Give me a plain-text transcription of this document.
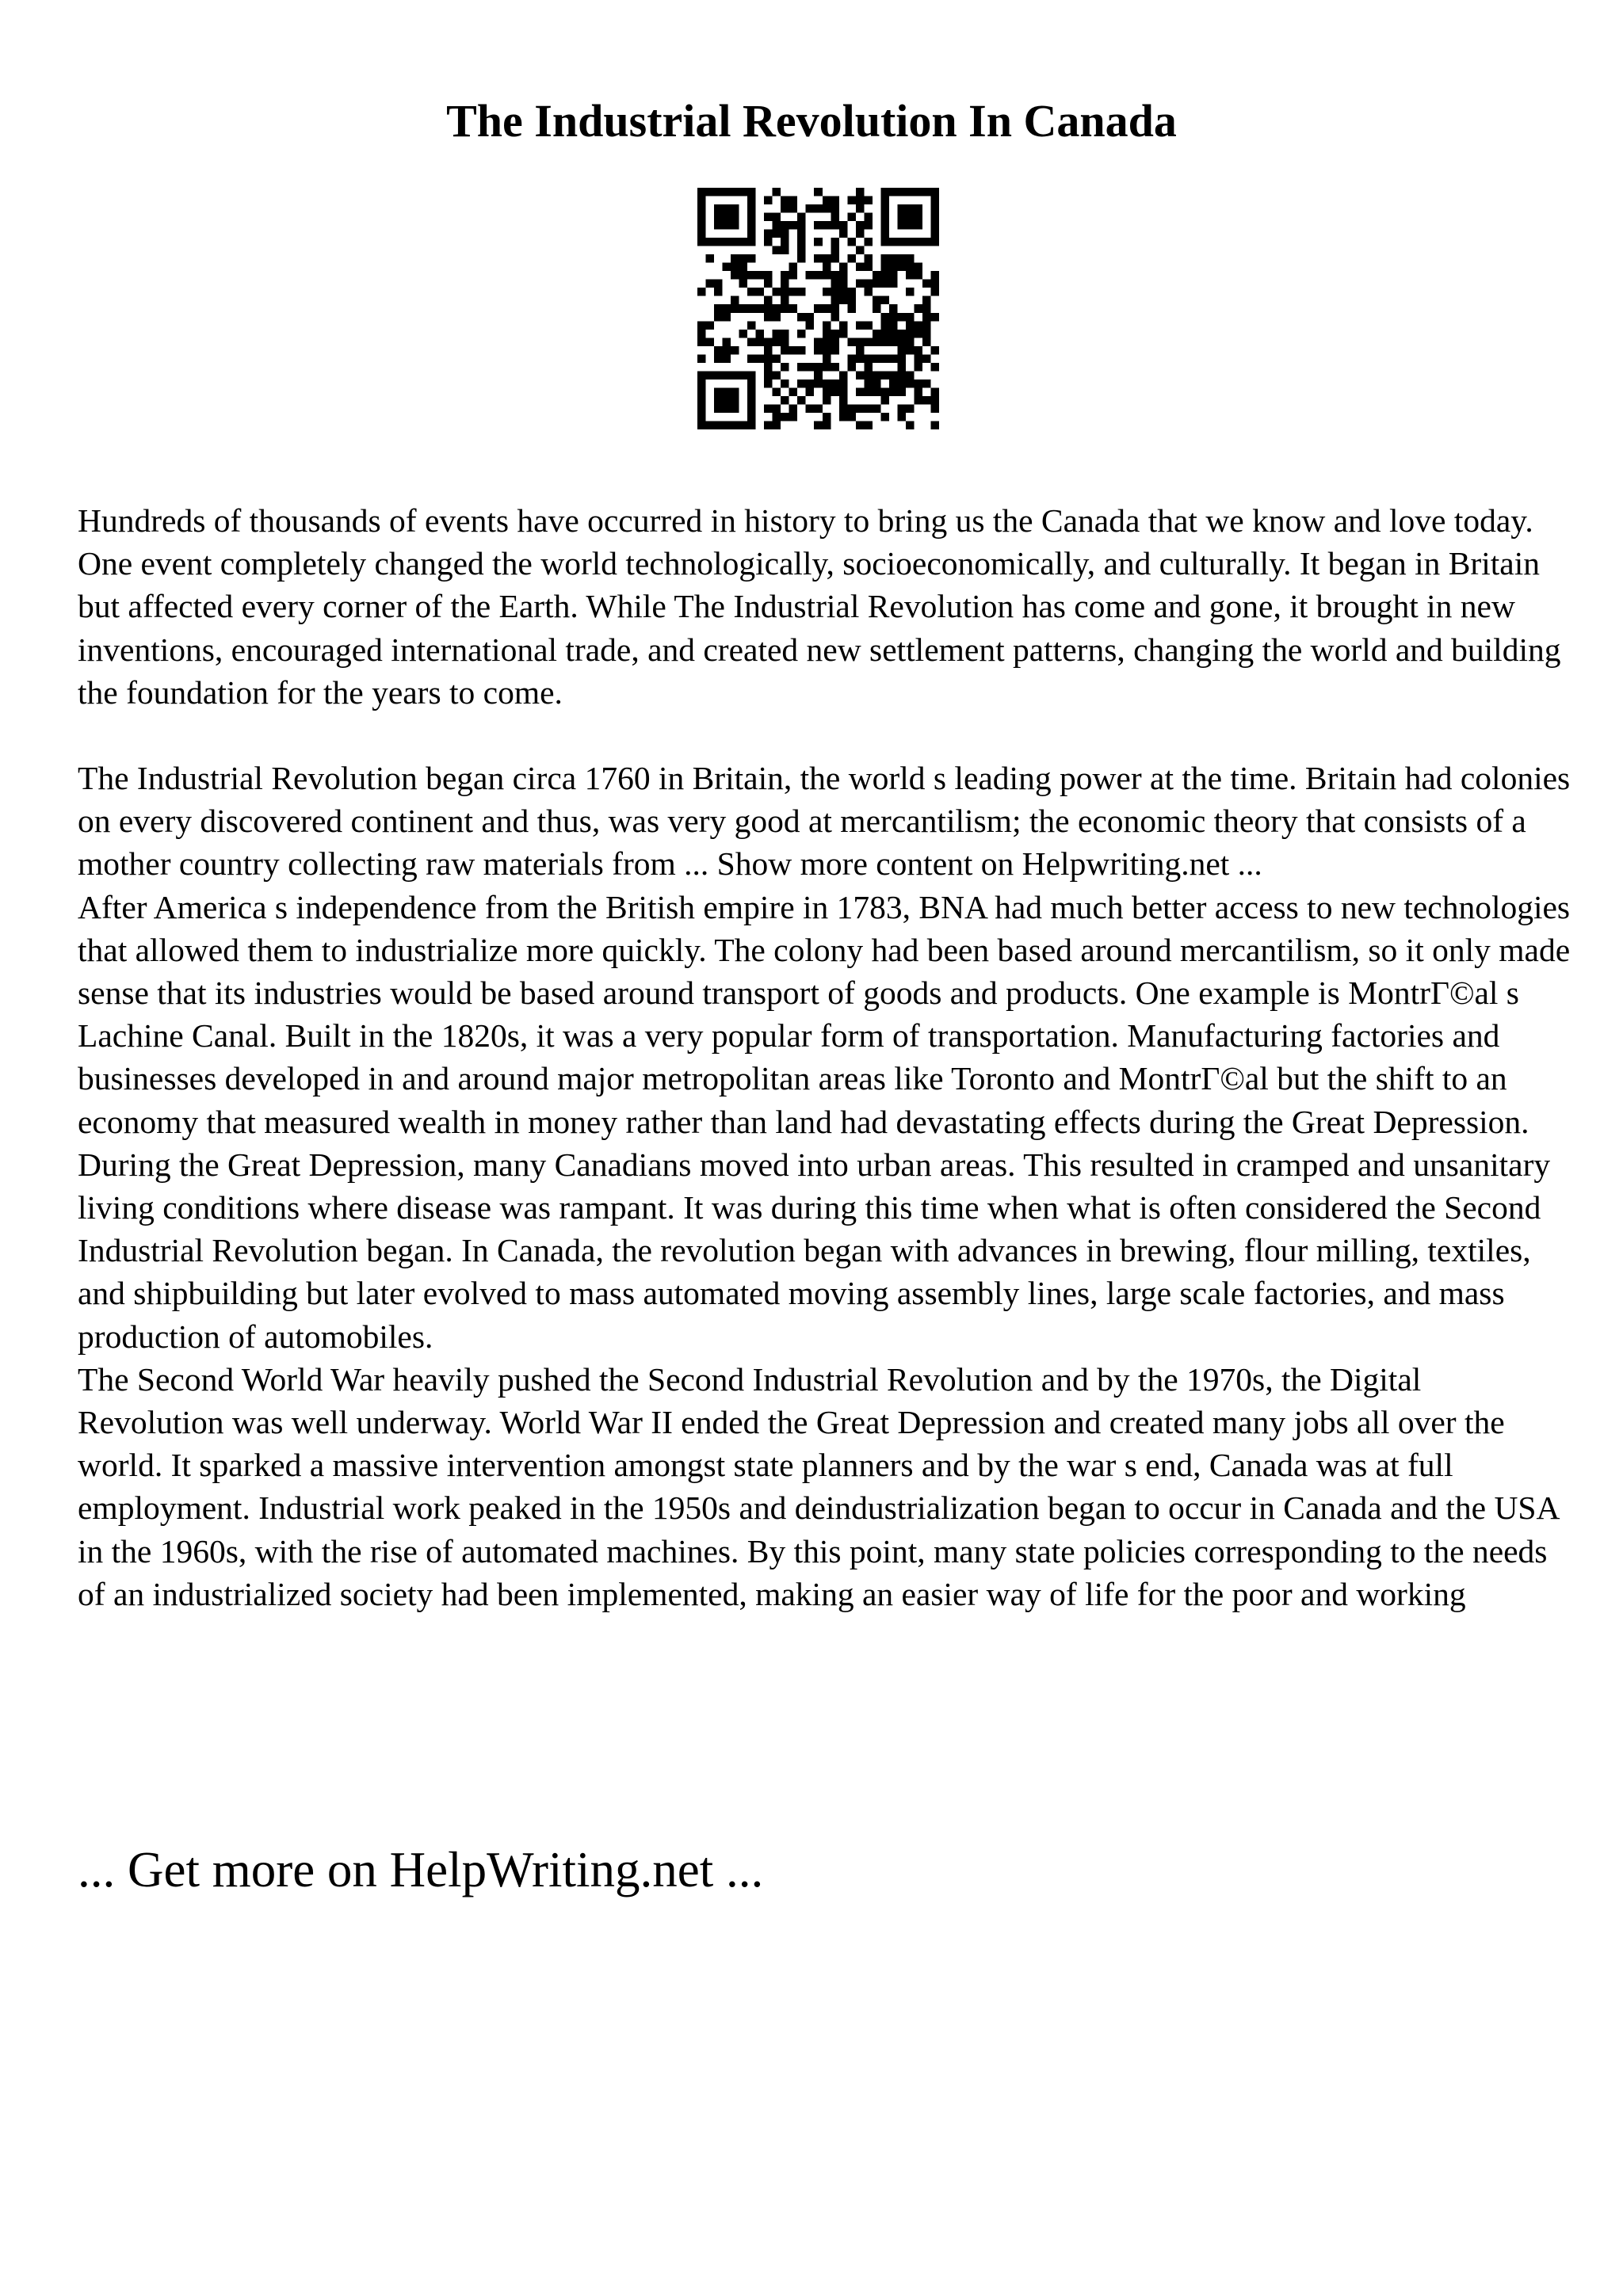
The Industrial Revolution In Canada

Hundreds of thousands of events have occurred in history to bring us the Canada that we know and love today. One event completely changed the world technologically, socioeconomically, and culturally. It began in Britain but affected every corner of the Earth. While The Industrial Revolution has come and gone, it brought in new inventions, encouraged international trade, and created new settlement patterns, changing the world and building the foundation for the years to come.

The Industrial Revolution began circa 1760 in Britain, the world s leading power at the time. Britain had colonies on every discovered continent and thus, was very good at mercantilism; the economic theory that consists of a mother country collecting raw materials from ... Show more content on Helpwriting.net ...

After America s independence from the British empire in 1783, BNA had much better access to new technologies that allowed them to industrialize more quickly. The colony had been based around mercantilism, so it only made sense that its industries would be based around transport of goods and products. One example is MontrΓ©al s Lachine Canal. Built in the 1820s, it was a very popular form of transportation. Manufacturing factories and businesses developed in and around major metropolitan areas like Toronto and MontrΓ©al but the shift to an economy that measured wealth in money rather than land had devastating effects during the Great Depression. During the Great Depression, many Canadians moved into urban areas. This resulted in cramped and unsanitary living conditions where disease was rampant. It was during this time when what is often considered the Second Industrial Revolution began. In Canada, the revolution began with advances in brewing, flour milling, textiles, and shipbuilding but later evolved to mass automated moving assembly lines, large scale factories, and mass production of automobiles.

The Second World War heavily pushed the Second Industrial Revolution and by the 1970s, the Digital Revolution was well underway. World War II ended the Great Depression and created many jobs all over the world. It sparked a massive intervention amongst state planners and by the war s end, Canada was at full employment. Industrial work peaked in the 1950s and deindustrialization began to occur in Canada and the USA in the 1960s, with the rise of automated machines. By this point, many state policies corresponding to the needs of an industrialized society had been implemented, making an easier way of life for the poor and working

... Get more on HelpWriting.net ...
